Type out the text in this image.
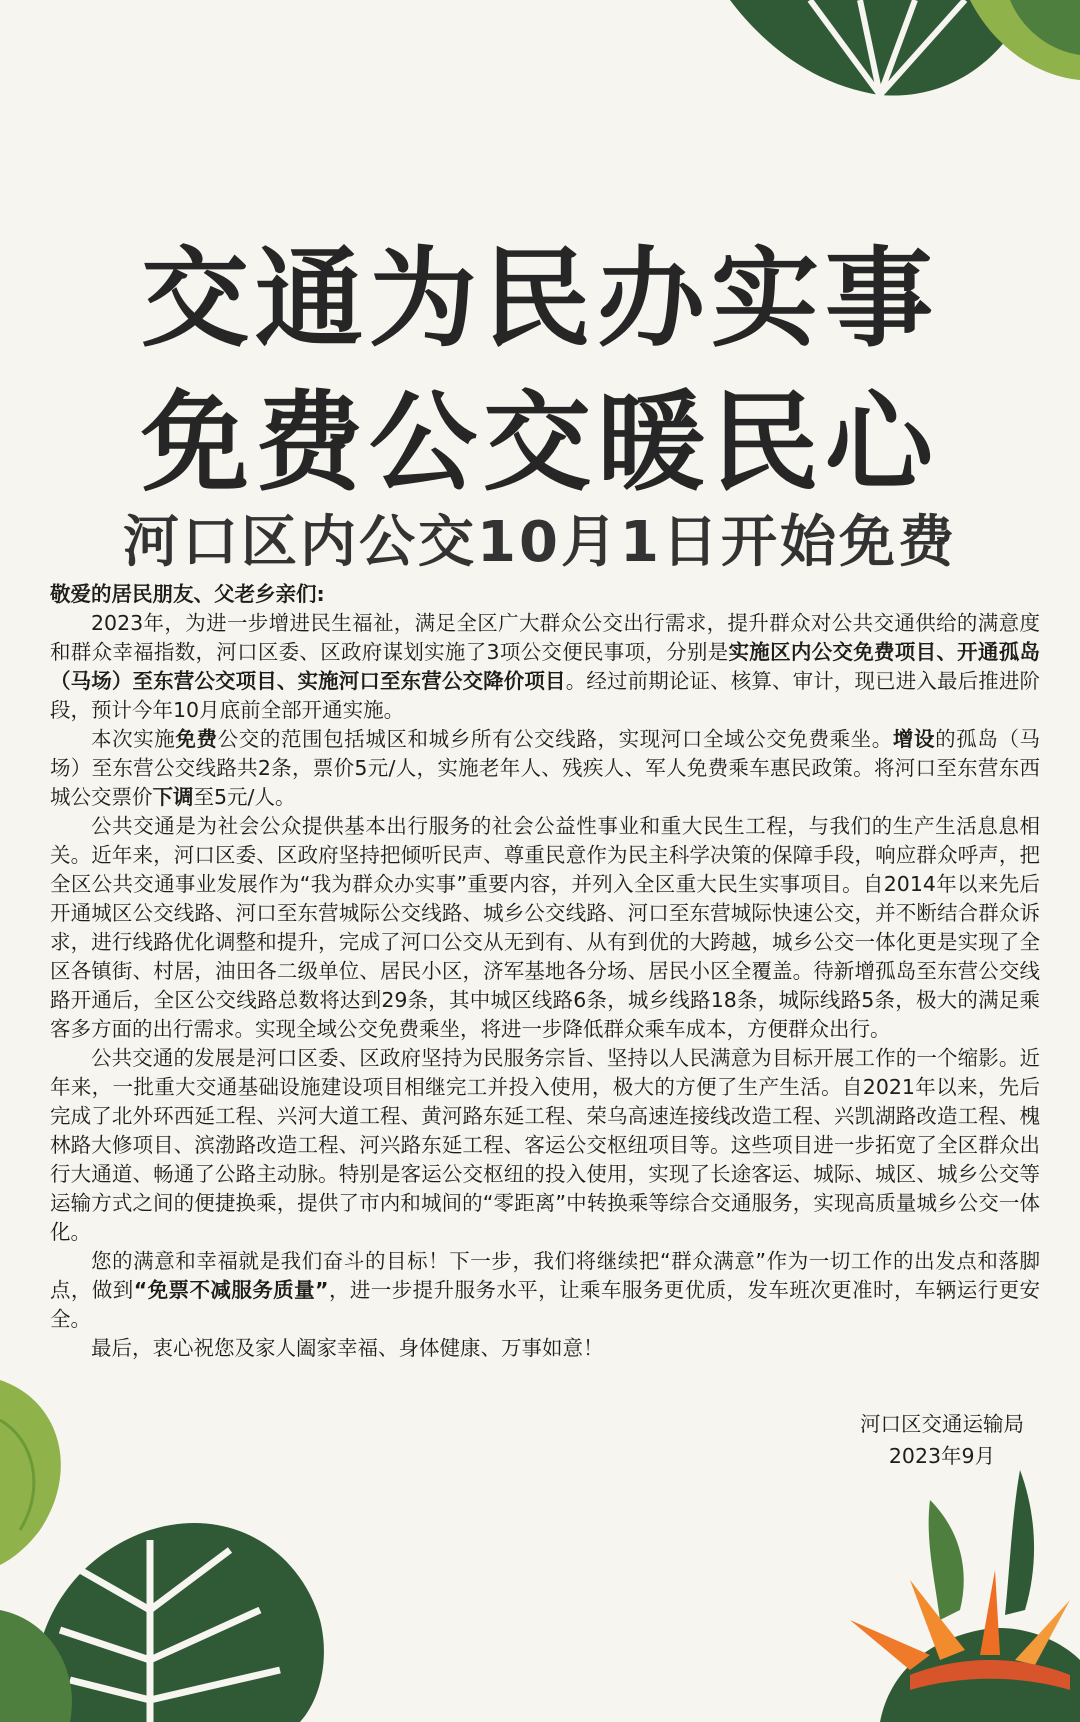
交通为民办实事
免费公交暖民心
河口区内公交10月1日开始免费

敬爱的居民朋友、父老乡亲们:

2023年，为进一步增进民生福祉，满足全区广大群众公交出行需求，提升群众对公共交通供给的满意度和群众幸福指数，河口区委、区政府谋划实施了3项公交便民事项，分别是实施区内公交免费项目、开通孤岛（马场）至东营公交项目、实施河口至东营公交降价项目。经过前期论证、核算、审计，现已进入最后推进阶段，预计今年10月底前全部开通实施。

本次实施免费公交的范围包括城区和城乡所有公交线路，实现河口全域公交免费乘坐。增设的孤岛（马场）至东营公交线路共2条，票价5元/人，实施老年人、残疾人、军人免费乘车惠民政策。将河口至东营东西城公交票价下调至5元/人。

公共交通是为社会公众提供基本出行服务的社会公益性事业和重大民生工程，与我们的生产生活息息相关。近年来，河口区委、区政府坚持把倾听民声、尊重民意作为民主科学决策的保障手段，响应群众呼声，把全区公共交通事业发展作为“我为群众办实事”重要内容，并列入全区重大民生实事项目。自2014年以来先后开通城区公交线路、河口至东营城际公交线路、城乡公交线路、河口至东营城际快速公交，并不断结合群众诉求，进行线路优化调整和提升，完成了河口公交从无到有、从有到优的大跨越，城乡公交一体化更是实现了全区各镇街、村居，油田各二级单位、居民小区，济军基地各分场、居民小区全覆盖。待新增孤岛至东营公交线路开通后，全区公交线路总数将达到29条，其中城区线路6条，城乡线路18条，城际线路5条，极大的满足乘客多方面的出行需求。实现全域公交免费乘坐，将进一步降低群众乘车成本，方便群众出行。

公共交通的发展是河口区委、区政府坚持为民服务宗旨、坚持以人民满意为目标开展工作的一个缩影。近年来，一批重大交通基础设施建设项目相继完工并投入使用，极大的方便了生产生活。自2021年以来，先后完成了北外环西延工程、兴河大道工程、黄河路东延工程、荣乌高速连接线改造工程、兴凯湖路改造工程、槐林路大修项目、滨渤路改造工程、河兴路东延工程、客运公交枢纽项目等。这些项目进一步拓宽了全区群众出行大通道、畅通了公路主动脉。特别是客运公交枢纽的投入使用，实现了长途客运、城际、城区、城乡公交等运输方式之间的便捷换乘，提供了市内和城间的“零距离”中转换乘等综合交通服务，实现高质量城乡公交一体化。

您的满意和幸福就是我们奋斗的目标！下一步，我们将继续把“群众满意”作为一切工作的出发点和落脚点，做到“免票不减服务质量”，进一步提升服务水平，让乘车服务更优质，发车班次更准时，车辆运行更安全。

最后，衷心祝您及家人阖家幸福、身体健康、万事如意！

河口区交通运输局
2023年9月
